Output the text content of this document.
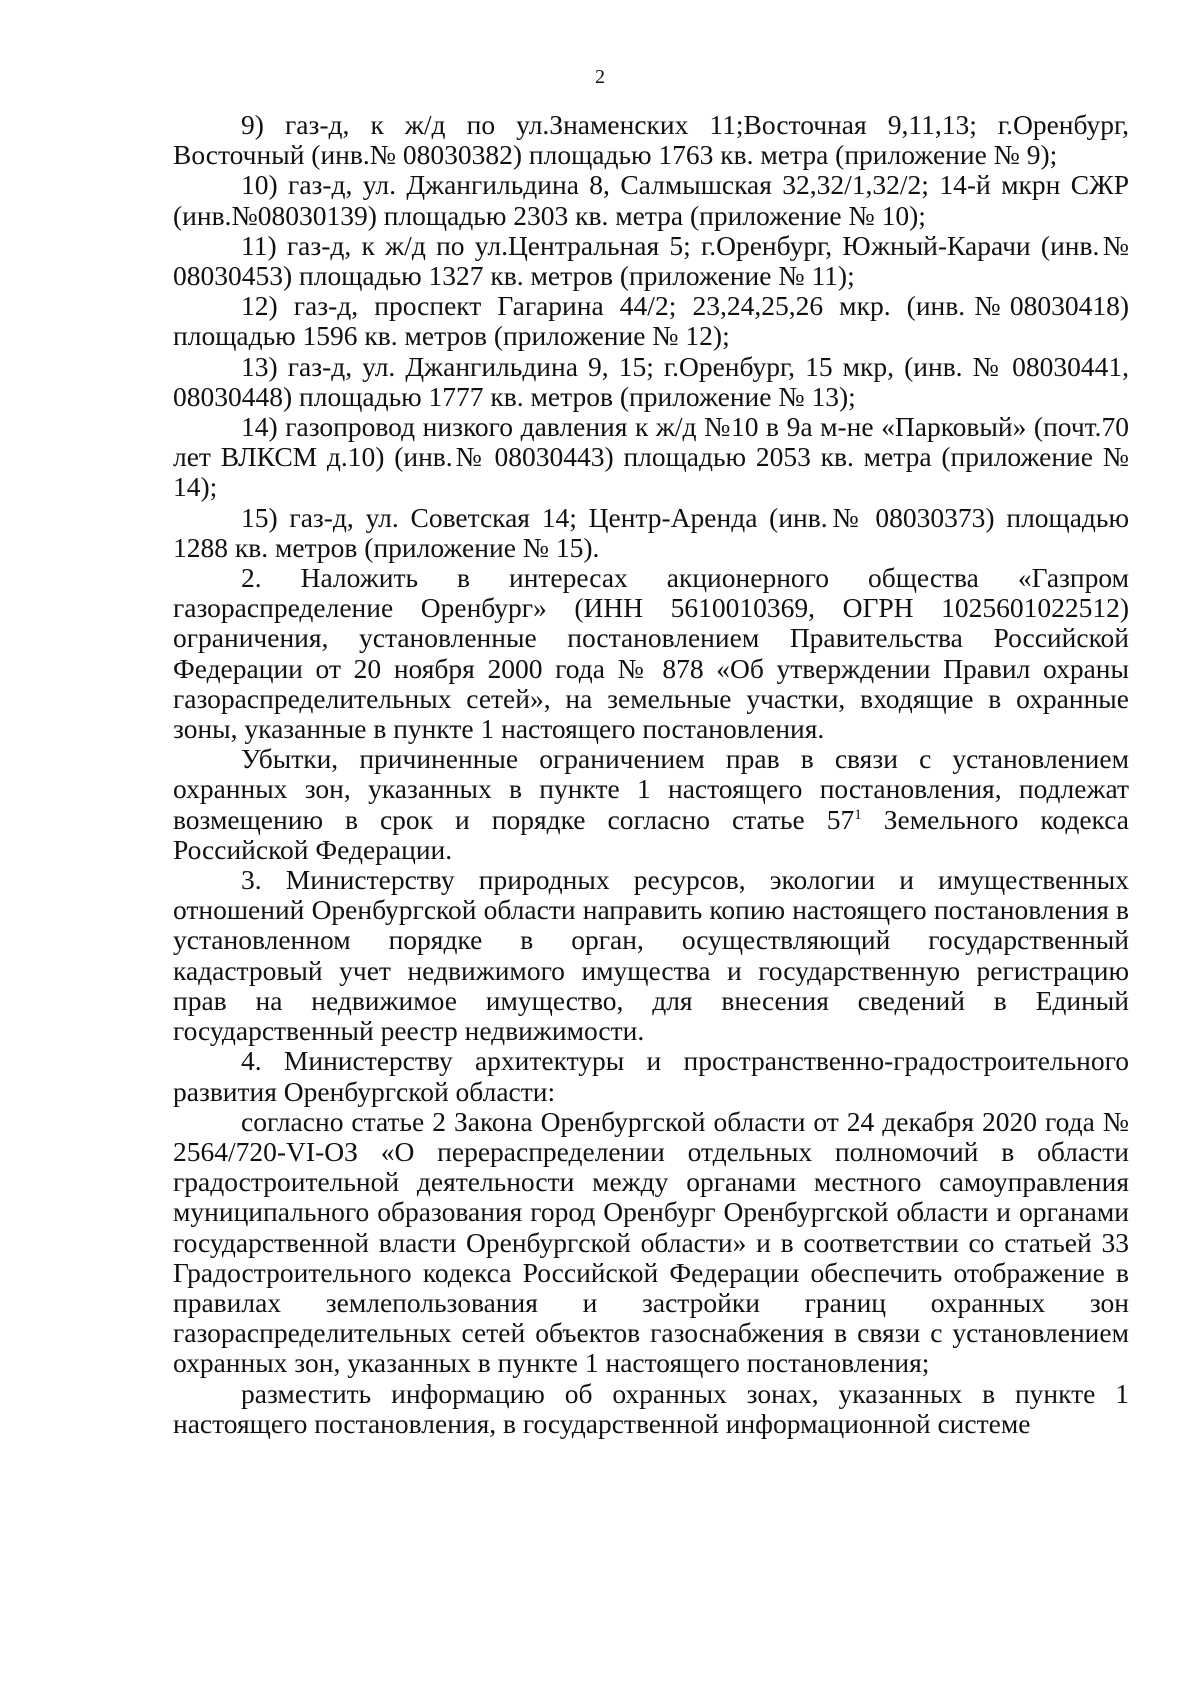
2

9) газ-д, к ж/д по ул.Знаменских 11;Восточная 9,11,13; г.Оренбург, Восточный (инв.№ 08030382) площадью 1763 кв. метра (приложение № 9);

10) газ-д, ул. Джангильдина 8, Салмышская 32,32/1,32/2; 14-й мкрн СЖР (инв.№08030139) площадью 2303 кв. метра (приложение № 10);

11) газ-д, к ж/д по ул.Центральная 5; г.Оренбург, Южный-Карачи (инв.№ 08030453) площадью 1327 кв. метров (приложение № 11);

12) газ-д, проспект Гагарина 44/2; 23,24,25,26 мкр. (инв.№08030418) площадью 1596 кв. метров (приложение № 12);

13) газ-д, ул. Джангильдина 9, 15; г.Оренбург, 15 мкр, (инв. № 08030441, 08030448) площадью 1777 кв. метров (приложение № 13);

14) газопровод низкого давления к ж/д №10 в 9а м-не «Парковый» (почт.70 лет ВЛКСМ д.10) (инв.№ 08030443) площадью 2053 кв. метра (приложение № 14);

15) газ-д, ул. Советская 14; Центр-Аренда (инв.№ 08030373) площадью 1288 кв. метров (приложение № 15).

2. Наложить в интересах акционерного общества «Газпром газораспределение Оренбург» (ИНН 5610010369, ОГРН 1025601022512) ограничения, установленные постановлением Правительства Российской Федерации от 20 ноября 2000 года № 878 «Об утверждении Правил охраны газораспределительных сетей», на земельные участки, входящие в охранные зоны, указанные в пункте 1 настоящего постановления.

Убытки, причиненные ограничением прав в связи с установлением охранных зон, указанных в пункте 1 настоящего постановления, подлежат возмещению в срок и порядке согласно статье $57^1$ Земельного кодекса Российской Федерации.

3. Министерству природных ресурсов, экологии и имущественных отношений Оренбургской области направить копию настоящего постановления в установленном порядке в орган, осуществляющий государственный кадастровый учет недвижимого имущества и государственную регистрацию прав на недвижимое имущество, для внесения сведений в Единый государственный реестр недвижимости.

4. Министерству архитектуры и пространственно-градостроительного развития Оренбургской области:

согласно статье 2 Закона Оренбургской области от 24 декабря 2020 года № 2564/720-VI-ОЗ «О перераспределении отдельных полномочий в области градостроительной деятельности между органами местного самоуправления муниципального образования город Оренбург Оренбургской области и органами государственной власти Оренбургской области» и в соответствии со статьей 33 Градостроительного кодекса Российской Федерации обеспечить отображение в правилах землепользования и застройки границ охранных зон газораспределительных сетей объектов газоснабжения в связи с установлением охранных зон, указанных в пункте 1 настоящего постановления;

разместить информацию об охранных зонах, указанных в пункте 1 настоящего постановления, в государственной информационной системе
